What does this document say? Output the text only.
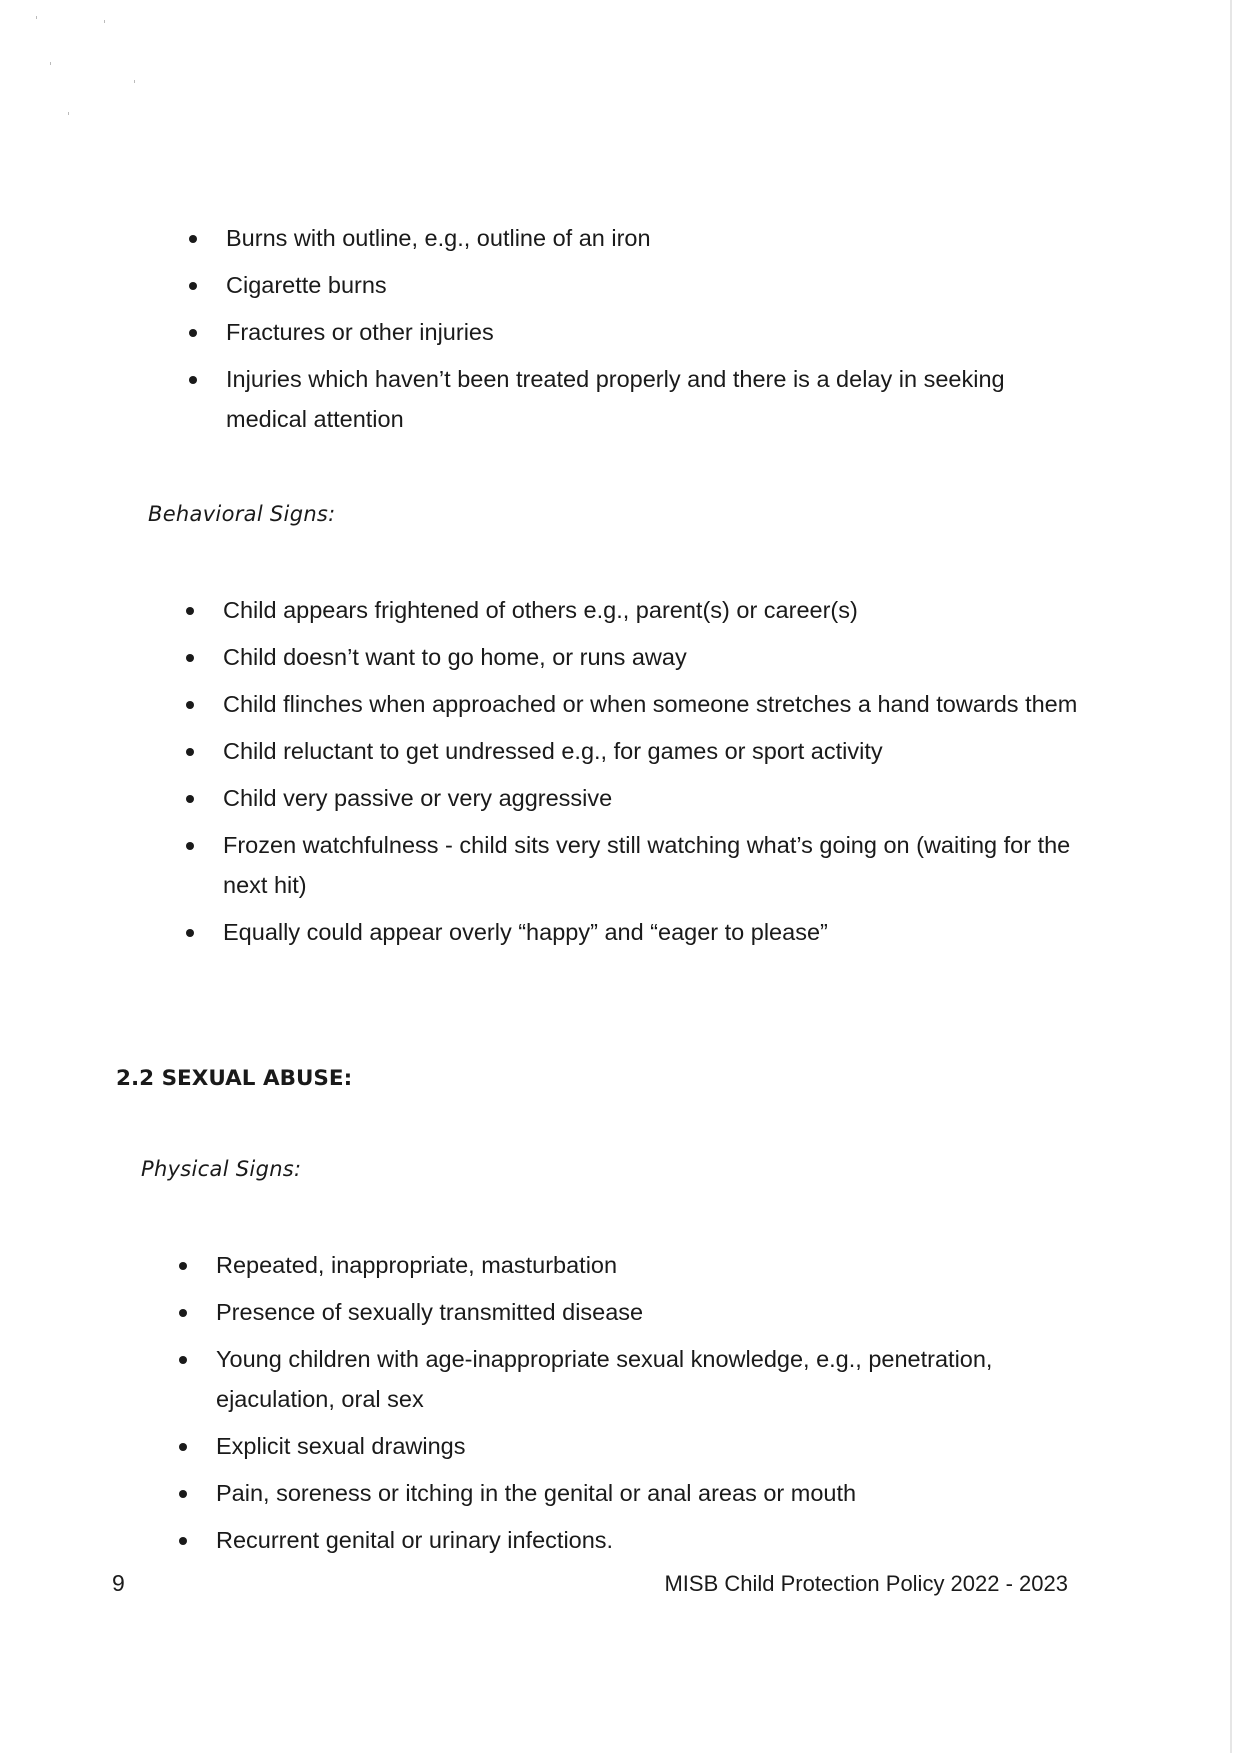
Burns with outline, e.g., outline of an iron
Cigarette burns
Fractures or other injuries
Injuries which haven’t been treated properly and there is a delay in seeking medical attention
Behavioral Signs:
Child appears frightened of others e.g., parent(s) or career(s)
Child doesn’t want to go home, or runs away
Child flinches when approached or when someone stretches a hand towards them
Child reluctant to get undressed e.g., for games or sport activity
Child very passive or very aggressive
Frozen watchfulness - child sits very still watching what’s going on (waiting for the next hit)
Equally could appear overly “happy” and “eager to please”
2.2 SEXUAL ABUSE:
Physical Signs:
Repeated, inappropriate, masturbation
Presence of sexually transmitted disease
Young children with age-inappropriate sexual knowledge, e.g., penetration, ejaculation, oral sex
Explicit sexual drawings
Pain, soreness or itching in the genital or anal areas or mouth
Recurrent genital or urinary infections.
9	MISB Child Protection Policy 2022 - 2023
